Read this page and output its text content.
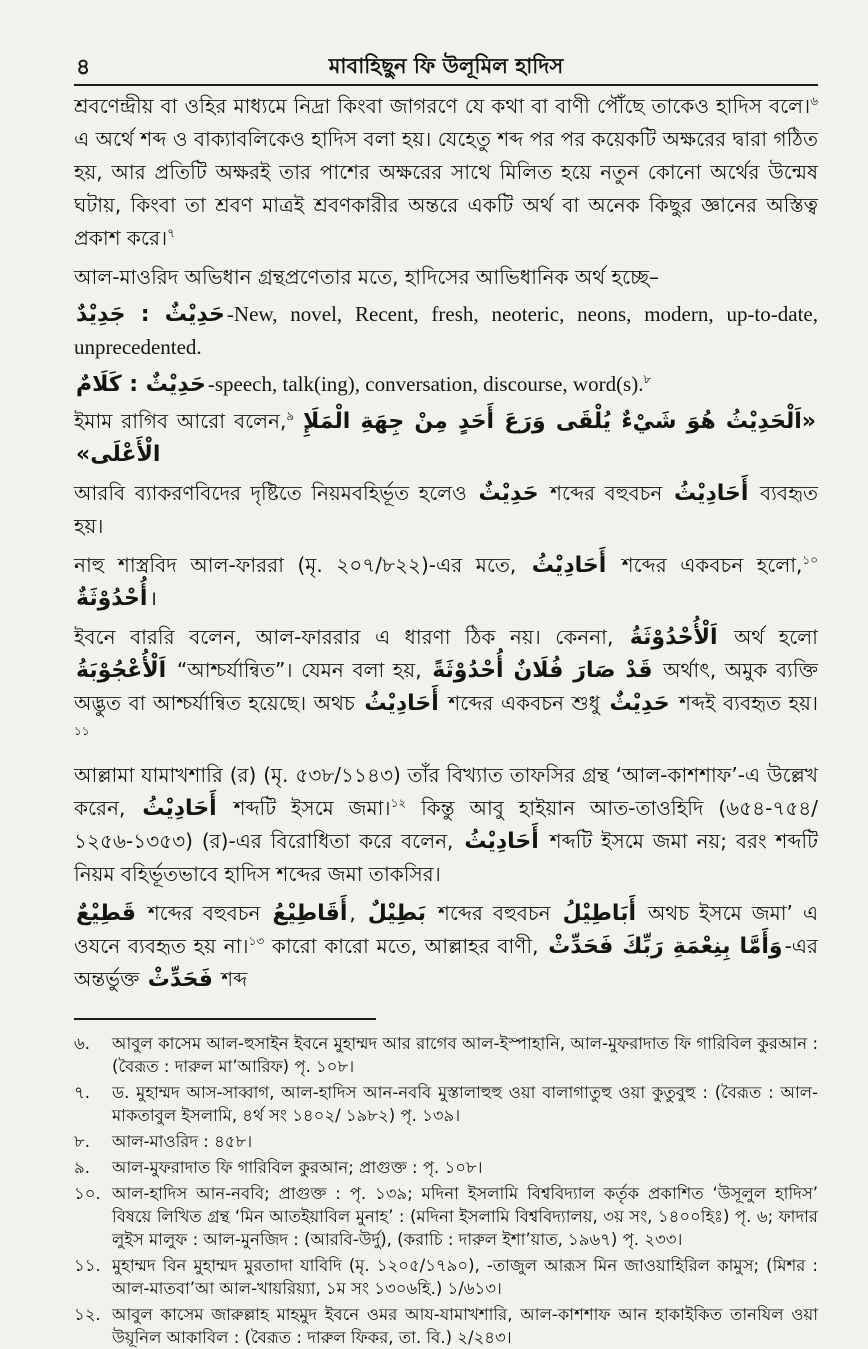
৪	মাবাহিছুন ফি উলূমিল হাদিস

শ্রবণেন্দ্রীয় বা ওহির মাধ্যমে নিদ্রা কিংবা জাগরণে যে কথা বা বাণী পৌঁছে তাকেও হাদিস বলে।$^৬$ এ অর্থে শব্দ ও বাক্যাবলিকেও হাদিস বলা হয়। যেহেতু শব্দ পর পর কয়েকটি অক্ষরের দ্বারা গঠিত হয়, আর প্রতিটি অক্ষরই তার পাশের অক্ষরের সাথে মিলিত হয়ে নতুন কোনো অর্থের উন্মেষ ঘটায়, কিংবা তা শ্রবণ মাত্রই শ্রবণকারীর অন্তরে একটি অর্থ বা অনেক কিছুর জ্ঞানের অস্তিত্ব প্রকাশ করে।$^৭$

আল-মাওরিদ অভিধান গ্রন্থপ্রণেতার মতে, হাদিসের আভিধানিক অর্থ হচ্ছে–

حَدِيْثٌ : جَدِيْدٌ-New, novel, Recent, fresh, neoteric, neons, modern, up-to-date, unprecedented.

حَدِيْثٌ : كَلَامٌ-speech, talk(ing), conversation, discourse, word(s).$^৮$

ইমাম রাগিব আরো বলেন,$^৯$ «اَلْحَدِيْثُ هُوَ شَيْءٌ يُلْقَى وَرَعَ أَحَدٍ مِنْ جِهَةِ الْمَلَإِ الْأَعْلَى»

আরবি ব্যাকরণবিদের দৃষ্টিতে নিয়মবহির্ভূত হলেও حَدِيْثٌ শব্দের বহুবচন أَحَادِيْثُ ব্যবহৃত হয়।

নাহু শাস্ত্রবিদ আল-ফাররা (মৃ. ২০৭/৮২২)-এর মতে, أَحَادِيْثُ শব্দের একবচন হলো,$^{১০}$ أُحْدُوْثَةٌ ।

ইবনে বাররি বলেন, আল-ফাররার এ ধারণা ঠিক নয়। কেননা, اَلْأُحْدُوْثَةُ অর্থ হলো اَلْأُعْجُوْبَةُ “আশ্চর্যান্বিত”। যেমন বলা হয়, قَدْ صَارَ فُلَانٌ أُحْدُوْثَةً অর্থাৎ, অমুক ব্যক্তি অদ্ভুত বা আশ্চর্যান্বিত হয়েছে। অথচ أَحَادِيْثُ শব্দের একবচন শুধু حَدِيْثٌ শব্দই ব্যবহৃত হয়।$^{১১}$

আল্লামা যামাখশারি (র) (মৃ. ৫৩৮/১১৪৩) তাঁর বিখ্যাত তাফসির গ্রন্থ ‘আল-কাশশাফ’-এ উল্লেখ করেন, أَحَادِيْثُ শব্দটি ইসমে জমা।$^{১২}$ কিন্তু আবু হাইয়ান আত-তাওহিদি (৬৫৪-৭৫৪/ ১২৫৬-১৩৫৩) (র)-এর বিরোধিতা করে বলেন, أَحَادِيْثُ শব্দটি ইসমে জমা নয়; বরং শব্দটি নিয়ম বহির্ভূতভাবে হাদিস শব্দের জমা তাকসির।

قَطِيْعٌ শব্দের বহুবচন أَقَاطِيْعُ , بَطِيْلٌ শব্দের বহুবচন أَبَاطِيْلُ অথচ ইসমে জমা’ এ ওযনে ব্যবহৃত হয় না।$^{১৩}$ কারো কারো মতে, আল্লাহর বাণী, وَأَمَّا بِنِعْمَةِ رَبِّكَ فَحَدِّثْ -এর অন্তর্ভুক্ত فَحَدِّثْ শব্দ

৬.	আবুল কাসেম আল-হুসাইন ইবনে মুহাম্মদ আর রাগেব আল-ইস্পাহানি, আল-মুফরাদাত ফি গারিবিল কুরআন : (বৈরূত : দারুল মা’আরিফ) পৃ. ১০৮।
৭.	ড. মুহাম্মদ আস-সাব্বাগ, আল-হাদিস আন-নববি মুস্তালাহুহু ওয়া বালাগাতুহু ওয়া কুতুবুহু : (বৈরূত : আল-মাকতাবুল ইসলামি, ৪র্থ সং ১৪০২/ ১৯৮২) পৃ. ১৩৯।
৮.	আল-মাওরিদ : ৪৫৮।
৯.	আল-মুফরাদাত ফি গারিবিল কুরআন; প্রাগুক্ত : পৃ. ১০৮।
১০. আল-হাদিস আন-নববি; প্রাগুক্ত : পৃ. ১৩৯; মদিনা ইসলামি বিশ্ববিদ্যাল কর্তৃক প্রকাশিত ‘উসূলুল হাদিস’ বিষয়ে লিখিত গ্রন্থ ‘মিন আতইয়াবিল মুনাহ’ : (মদিনা ইসলামি বিশ্ববিদ্যালয়, ৩য় সং, ১৪০০হিঃ) পৃ. ৬; ফাদার লুইস মালুফ : আল-মুনজিদ : (আরবি-উর্দু), (করাচি : দারুল ইশা’য়াত, ১৯৬৭) পৃ. ২৩৩।
১১. মুহাম্মদ বিন মুহাম্মদ মুরতাদা যাবিদি (মৃ. ১২০৫/১৭৯০), -তাজুল আরূস মিন জাওয়াহিরিল কামুস; (মিশর : আল-মাতবা’আ আল-খায়রিয়্যা, ১ম সং ১৩০৬হি.) ১/৬১৩।
১২. আবুল কাসেম জারুল্লাহ মাহমুদ ইবনে ওমর আয-যামাখশারি, আল-কাশশাফ আন হাকাইকিত তানযিল ওয়া উয়ূনিল আকাবিল : (বৈরূত : দারুল ফিকর, তা. বি.) ২/২৪৩।
